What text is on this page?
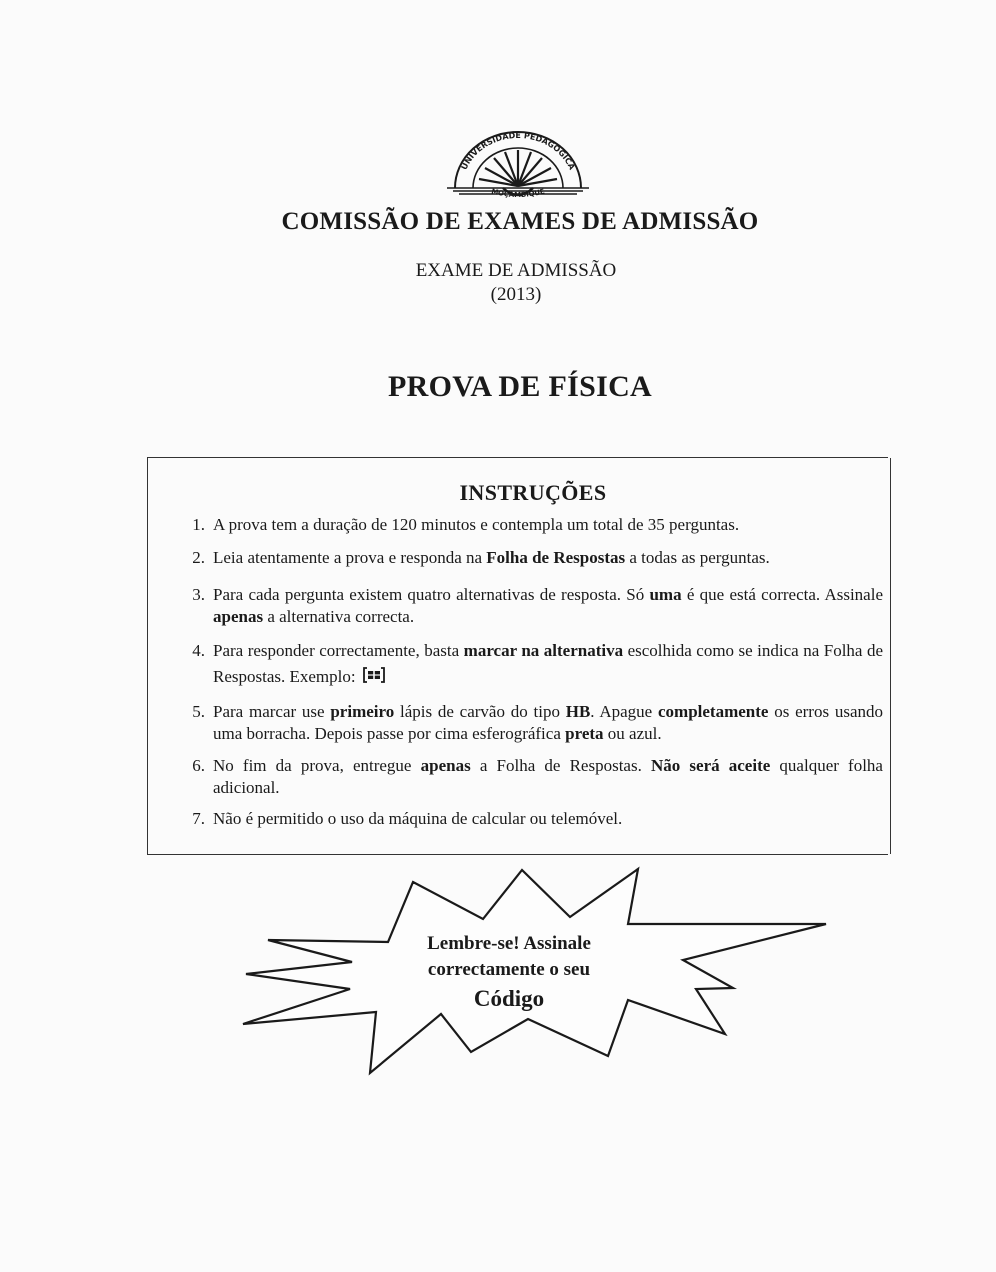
UNIVERSIDADE PEDAGÓGICA
MOÇAMBIQUE
COMISSÃO DE EXAMES DE ADMISSÃO
EXAME DE ADMISSÃO
(2013)
PROVA DE FÍSICA
INSTRUÇÕES
1. A prova tem a duração de 120 minutos e contempla um total de 35 perguntas.
2. Leia atentamente a prova e responda na Folha de Respostas a todas as perguntas.
3. Para cada pergunta existem quatro alternativas de resposta. Só uma é que está correcta. Assinale apenas a alternativa correcta.
4. Para responder correctamente, basta marcar na alternativa escolhida como se indica na Folha de Respostas. Exemplo:
5. Para marcar use primeiro lápis de carvão do tipo HB. Apague completamente os erros usando uma borracha. Depois passe por cima esferográfica preta ou azul.
6. No fim da prova, entregue apenas a Folha de Respostas. Não será aceite qualquer folha adicional.
7. Não é permitido o uso da máquina de calcular ou telemóvel.
Lembre-se! Assinale
correctamente o seu
Código
